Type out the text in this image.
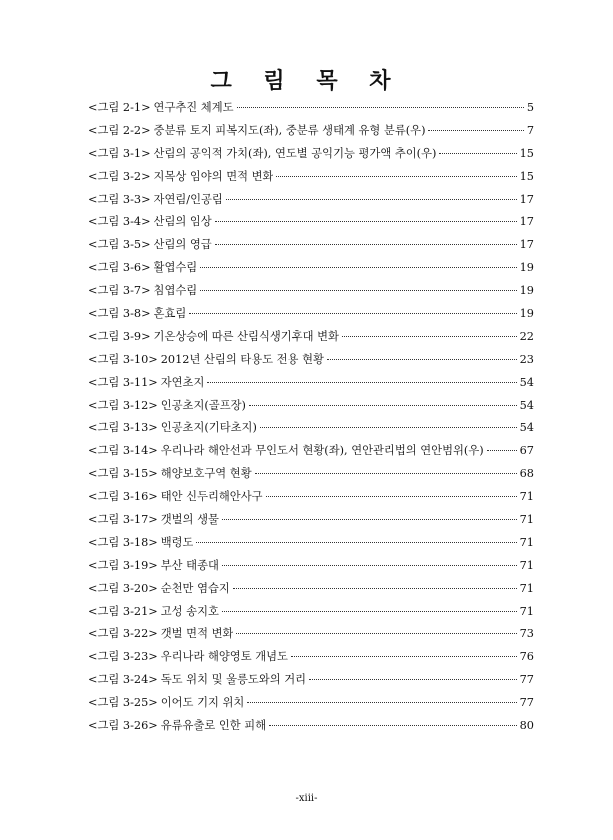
그 림 목 차
<그림 2-1> 연구추진 체계도	5
<그림 2-2> 중분류 토지 피복지도(좌), 중분류 생태계 유형 분류(우)	7
<그림 3-1> 산림의 공익적 가치(좌), 연도별 공익기능 평가액 추이(우)	15
<그림 3-2> 지목상 임야의 면적 변화	15
<그림 3-3> 자연림/인공림	17
<그림 3-4> 산림의 임상	17
<그림 3-5> 산림의 영급	17
<그림 3-6> 활엽수림	19
<그림 3-7> 침엽수림	19
<그림 3-8> 혼효림	19
<그림 3-9> 기온상승에 따른 산림식생기후대 변화	22
<그림 3-10> 2012년 산림의 타용도 전용 현황	23
<그림 3-11> 자연초지	54
<그림 3-12> 인공초지(골프장)	54
<그림 3-13> 인공초지(기타초지)	54
<그림 3-14> 우리나라 해안선과 무인도서 현황(좌), 연안관리법의 연안범위(우)	67
<그림 3-15> 해양보호구역 현황	68
<그림 3-16> 태안 신두리해안사구	71
<그림 3-17> 갯벌의 생물	71
<그림 3-18> 백령도	71
<그림 3-19> 부산 태종대	71
<그림 3-20> 순천만 염습지	71
<그림 3-21> 고성 송지호	71
<그림 3-22> 갯벌 면적 변화	73
<그림 3-23> 우리나라 해양영토 개념도	76
<그림 3-24> 독도 위치 및 울릉도와의 거리	77
<그림 3-25> 이어도 기지 위치	77
<그림 3-26> 유류유출로 인한 피해	80
-xiii-
